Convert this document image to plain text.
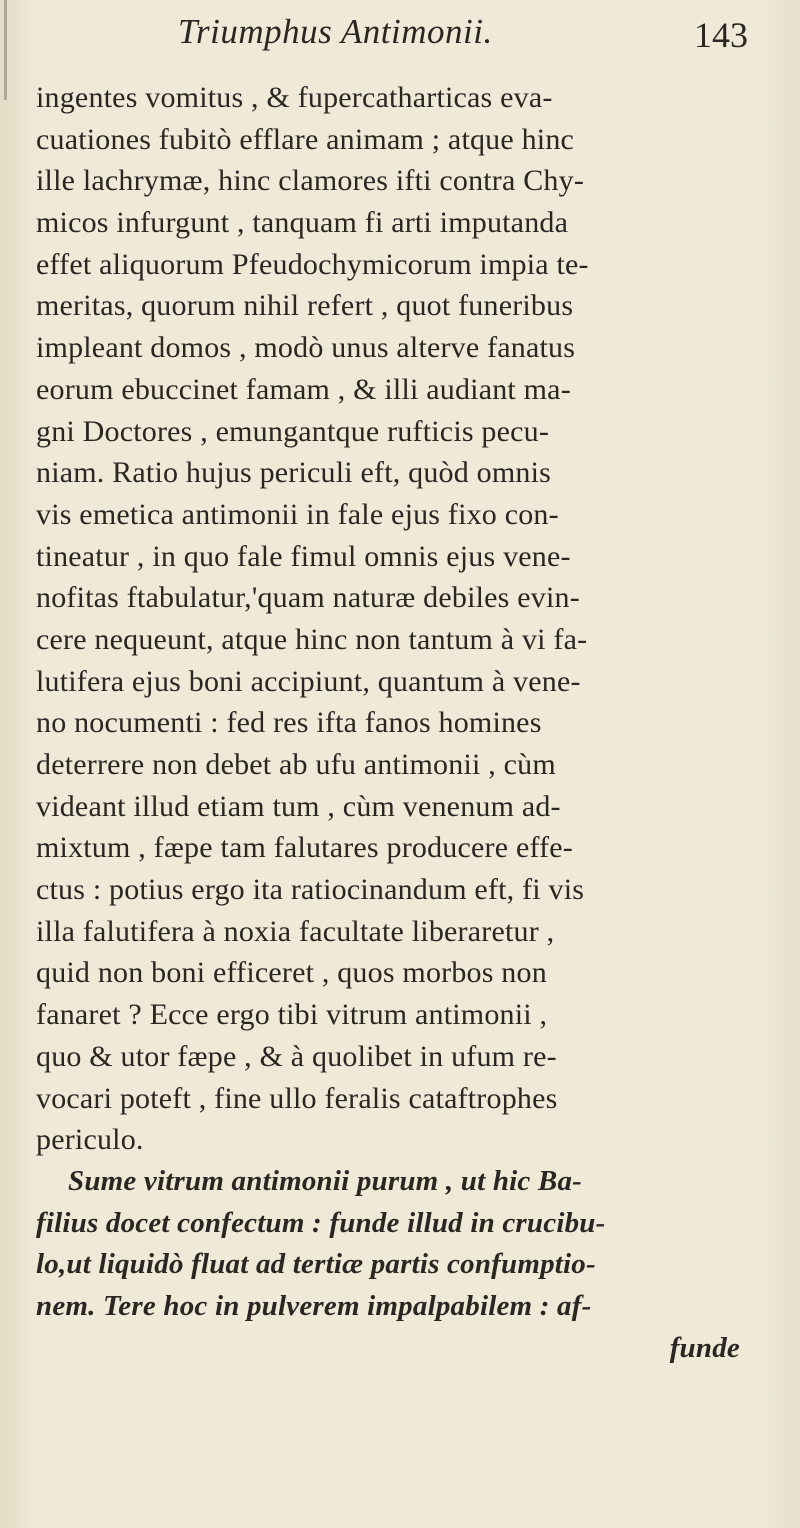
Triumphus Antimonii.	143
ingentes vomitus , & fupercatharticas eva-
cuationes fubitò efflare animam ; atque hinc
ille lachrymæ, hinc clamores ifti contra Chy-
micos infurgunt , tanquam fi arti imputanda
effet aliquorum Pfeudochymicorum impia te-
meritas, quorum nihil refert , quot funeribus
impleant domos , modò unus alterve fanatus
eorum ebuccinet famam , & illi audiant ma-
gni Doctores , emungantque rufticis pecu-
niam. Ratio hujus periculi eft, quòd omnis
vis emetica antimonii in fale ejus fixo con-
tineatur , in quo fale fimul omnis ejus vene-
nofitas ftabulatur,'quam naturæ debiles evin-
cere nequeunt, atque hinc non tantum à vi fa-
lutifera ejus boni accipiunt, quantum à vene-
no nocumenti : fed res ifta fanos homines
deterrere non debet ab ufu antimonii , cùm
videant illud etiam tum , cùm venenum ad-
mixtum , fæpe tam falutares producere effe-
ctus : potius ergo ita ratiocinandum eft, fi vis
illa falutifera à noxia facultate liberaretur ,
quid non boni efficeret , quos morbos non
fanaret ? Ecce ergo tibi vitrum antimonii ,
quo & utor fæpe , & à quolibet in ufum re-
vocari poteft , fine ullo feralis cataftrophes
periculo.
Sume vitrum antimonii purum , ut hic Ba-
filius docet confectum : funde illud in crucibu-
lo,ut liquidò fluat ad tertiæ partis confumptio-
nem. Tere hoc in pulverem impalpabilem : af-
funde
